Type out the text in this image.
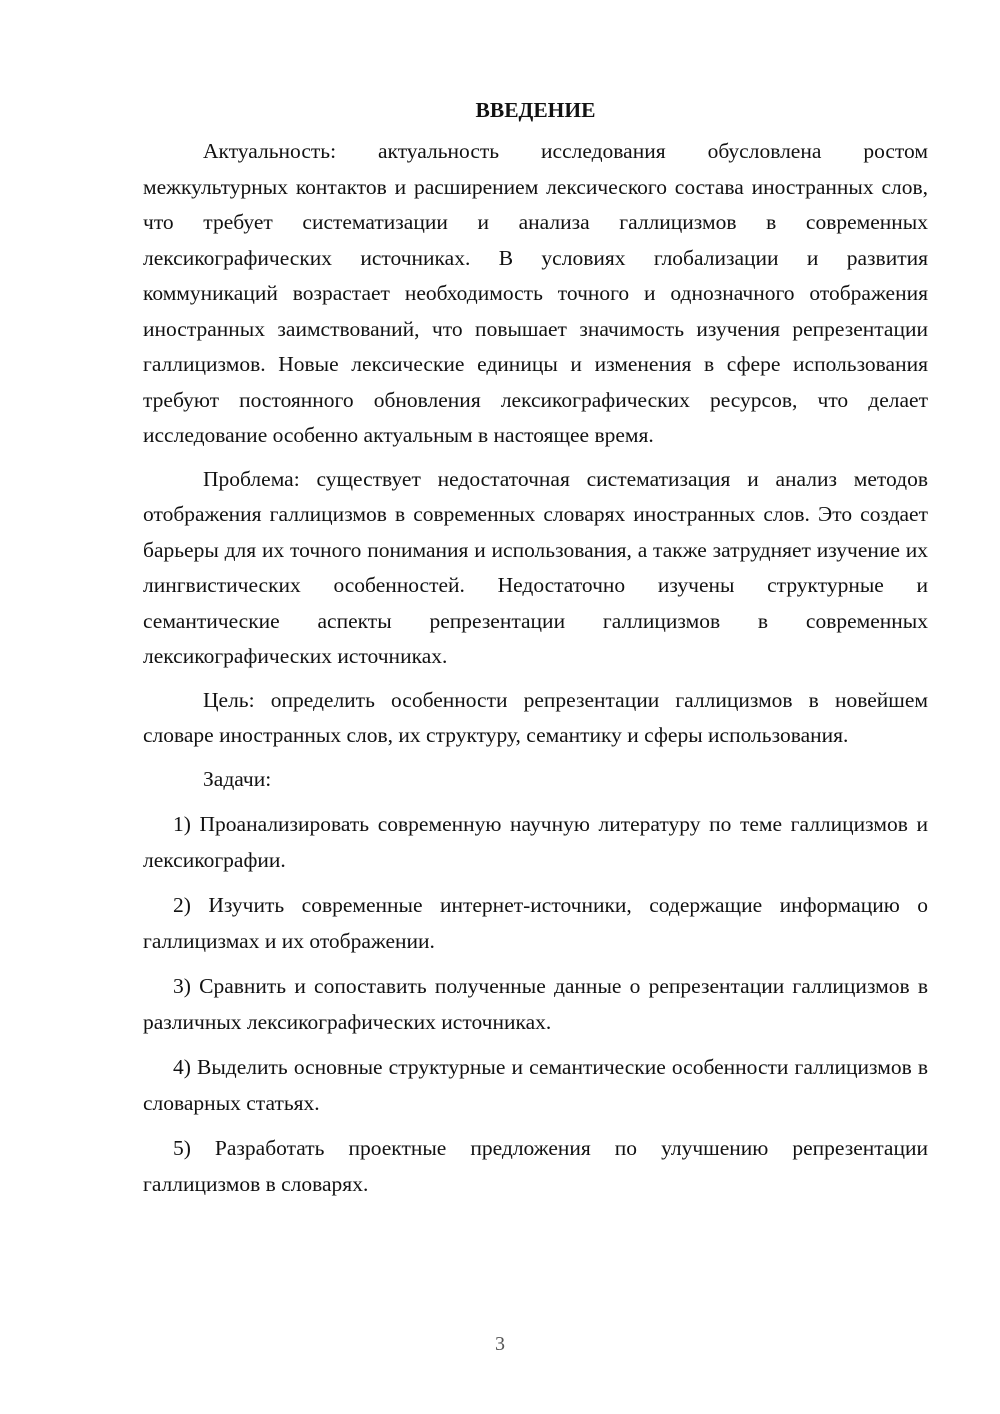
ВВЕДЕНИЕ

Актуальность: актуальность исследования обусловлена ростом межкультурных контактов и расширением лексического состава иностранных слов, что требует систематизации и анализа галлицизмов в современных лексикографических источниках. В условиях глобализации и развития коммуникаций возрастает необходимость точного и однозначного отображения иностранных заимствований, что повышает значимость изучения репрезентации галлицизмов. Новые лексические единицы и изменения в сфере использования требуют постоянного обновления лексикографических ресурсов, что делает исследование особенно актуальным в настоящее время.

Проблема: существует недостаточная систематизация и анализ методов отображения галлицизмов в современных словарях иностранных слов. Это создает барьеры для их точного понимания и использования, а также затрудняет изучение их лингвистических особенностей. Недостаточно изучены структурные и семантические аспекты репрезентации галлицизмов в современных лексикографических источниках.

Цель: определить особенности репрезентации галлицизмов в новейшем словаре иностранных слов, их структуру, семантику и сферы использования.

Задачи:

1) Проанализировать современную научную литературу по теме галлицизмов и лексикографии.

2) Изучить современные интернет-источники, содержащие информацию о галлицизмах и их отображении.

3) Сравнить и сопоставить полученные данные о репрезентации галлицизмов в различных лексикографических источниках.

4) Выделить основные структурные и семантические особенности галлицизмов в словарных статьях.

5) Разработать проектные предложения по улучшению репрезентации галлицизмов в словарях.

3
